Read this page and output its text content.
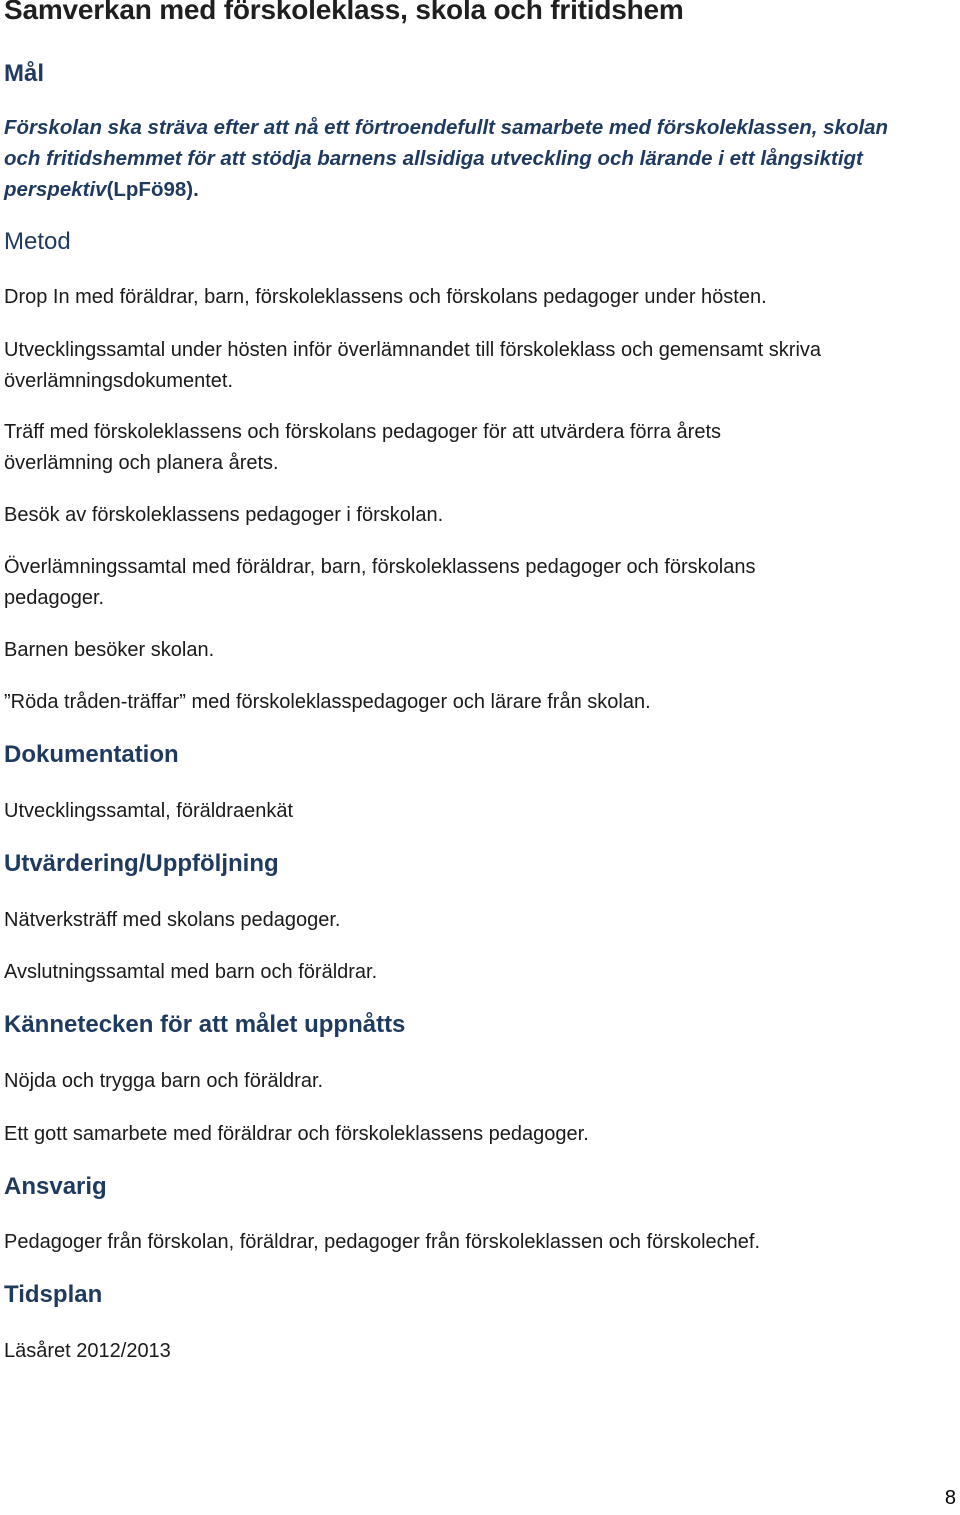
Samverkan med förskoleklass, skola och fritidshem
Mål

Förskolan ska sträva efter att nå ett förtroendefullt samarbete med förskoleklassen, skolan

och fritidshemmet för att stödja barnens allsidiga utveckling och lärande i ett långsiktigt

perspektiv(LpFö98).

Metod

Drop In med föräldrar, barn, förskoleklassens och förskolans pedagoger under hösten.

Utvecklingssamtal under hösten inför överlämnandet till förskoleklass och gemensamt skriva

överlämningsdokumentet.

Träff med förskoleklassens och förskolans pedagoger för att utvärdera förra årets

överlämning och planera årets.

Besök av förskoleklassens pedagoger i förskolan.

Överlämningssamtal med föräldrar, barn, förskoleklassens pedagoger och förskolans

pedagoger.

Barnen besöker skolan.

”Röda tråden-träffar” med förskoleklasspedagoger och lärare från skolan.

Dokumentation

Utvecklingssamtal, föräldraenkät

Utvärdering/Uppföljning

Nätverksträff med skolans pedagoger.

Avslutningssamtal med barn och föräldrar.

Kännetecken för att målet uppnåtts

Nöjda och trygga barn och föräldrar.

Ett gott samarbete med föräldrar och förskoleklassens pedagoger.

Ansvarig

Pedagoger från förskolan, föräldrar, pedagoger från förskoleklassen och förskolechef.

Tidsplan

Läsåret 2012/2013

8
